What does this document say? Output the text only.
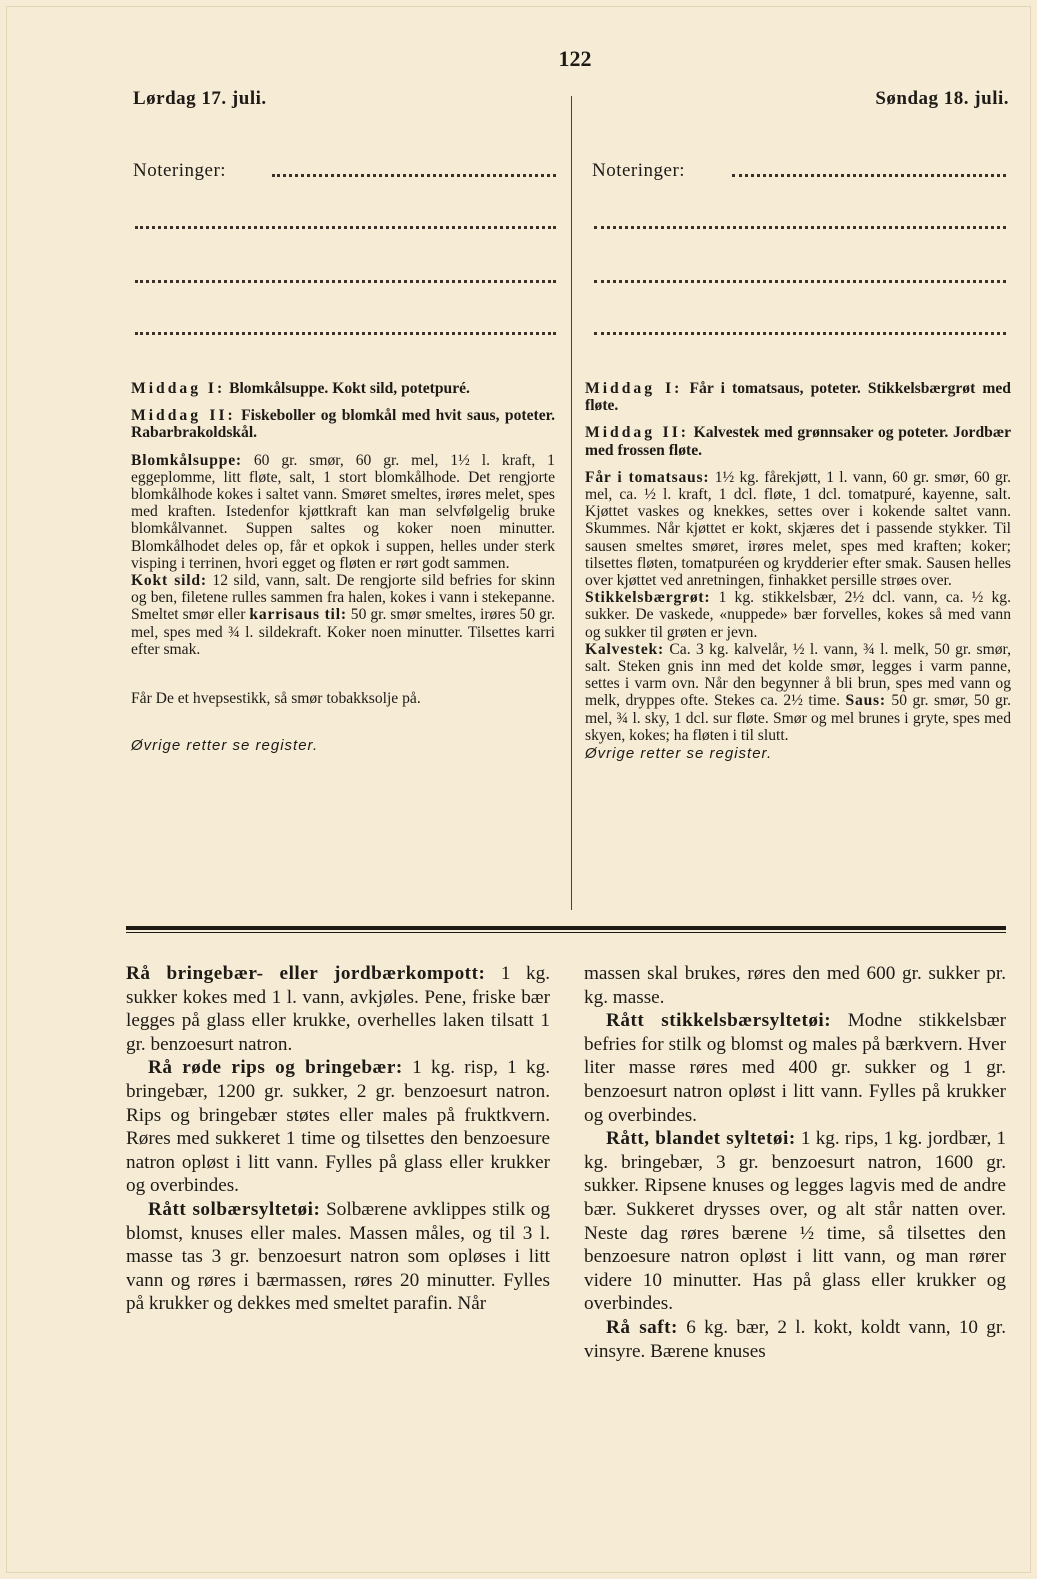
122
Lørdag 17. juli.	Søndag 18. juli.
Noteringer:	Noteringer:

Middag I: Blomkålsuppe. Kokt sild, potetpuré.

Middag II: Fiskeboller og blomkål med hvit saus, poteter. Rabarbrakoldskål.

Blomkålsuppe: 60 gr. smør, 60 gr. mel, 1½ l. kraft, 1 eggeplomme, litt fløte, salt, 1 stort blomkålhode. Det rengjorte blomkålhode kokes i saltet vann. Smøret smeltes, irøres melet, spes med kraften. Istedenfor kjøttkraft kan man selvfølgelig bruke blomkålvannet. Suppen saltes og koker noen minutter. Blomkålhodet deles op, får et opkok i suppen, helles under sterk visping i terrinen, hvori egget og fløten er rørt godt sammen.

Kokt sild: 12 sild, vann, salt. De rengjorte sild befries for skinn og ben, filetene rulles sammen fra halen, kokes i vann i stekepanne. Smeltet smør eller karrisaus til: 50 gr. smør smeltes, irøres 50 gr. mel, spes med ¾ l. sildekraft. Koker noen minutter. Tilsettes karri efter smak.

Får De et hvepsestikk, så smør tobakksolje på.

Øvrige retter se register.

Middag I: Får i tomatsaus, poteter. Stikkelsbærgrøt med fløte.

Middag II: Kalvestek med grønnsaker og poteter. Jordbær med frossen fløte.

Får i tomatsaus: 1½ kg. fårekjøtt, 1 l. vann, 60 gr. smør, 60 gr. mel, ca. ½ l. kraft, 1 dcl. fløte, 1 dcl. tomatpuré, kayenne, salt. Kjøttet vaskes og knekkes, settes over i kokende saltet vann. Skummes. Når kjøttet er kokt, skjæres det i passende stykker. Til sausen smeltes smøret, irøres melet, spes med kraften; koker; tilsettes fløten, tomatpuréen og krydderier efter smak. Sausen helles over kjøttet ved anretningen, finhakket persille strøes over.

Stikkelsbærgrøt: 1 kg. stikkelsbær, 2½ dcl. vann, ca. ½ kg. sukker. De vaskede, «nuppede» bær forvelles, kokes så med vann og sukker til grøten er jevn.

Kalvestek: Ca. 3 kg. kalvelår, ½ l. vann, ¾ l. melk, 50 gr. smør, salt. Steken gnis inn med det kolde smør, legges i varm panne, settes i varm ovn. Når den begynner å bli brun, spes med vann og melk, dryppes ofte. Stekes ca. 2½ time. Saus: 50 gr. smør, 50 gr. mel, ¾ l. sky, 1 dcl. sur fløte. Smør og mel brunes i gryte, spes med skyen, kokes; ha fløten i til slutt.

Øvrige retter se register.

Rå bringebær- eller jordbærkompott: 1 kg. sukker kokes med 1 l. vann, avkjøles. Pene, friske bær legges på glass eller krukke, overhelles laken tilsatt 1 gr. benzoesurt natron.

Rå røde rips og bringebær: 1 kg. risp, 1 kg. bringebær, 1200 gr. sukker, 2 gr. benzoesurt natron. Rips og bringebær støtes eller males på fruktkvern. Røres med sukkeret 1 time og tilsettes den benzoesure natron opløst i litt vann. Fylles på glass eller krukker og overbindes.

Rått solbærsyltetøi: Solbærene avklippes stilk og blomst, knuses eller males. Massen måles, og til 3 l. masse tas 3 gr. benzoesurt natron som opløses i litt vann og røres i bærmassen, røres 20 minutter. Fylles på krukker og dekkes med smeltet parafin. Når

massen skal brukes, røres den med 600 gr. sukker pr. kg. masse.

Rått stikkelsbærsyltetøi: Modne stikkelsbær befries for stilk og blomst og males på bærkvern. Hver liter masse røres med 400 gr. sukker og 1 gr. benzoesurt natron opløst i litt vann. Fylles på krukker og overbindes.

Rått, blandet syltetøi: 1 kg. rips, 1 kg. jordbær, 1 kg. bringebær, 3 gr. benzoesurt natron, 1600 gr. sukker. Ripsene knuses og legges lagvis med de andre bær. Sukkeret drysses over, og alt står natten over. Neste dag røres bærene ½ time, så tilsettes den benzoesure natron opløst i litt vann, og man rører videre 10 minutter. Has på glass eller krukker og overbindes.

Rå saft: 6 kg. bær, 2 l. kokt, koldt vann, 10 gr. vinsyre. Bærene knuses
